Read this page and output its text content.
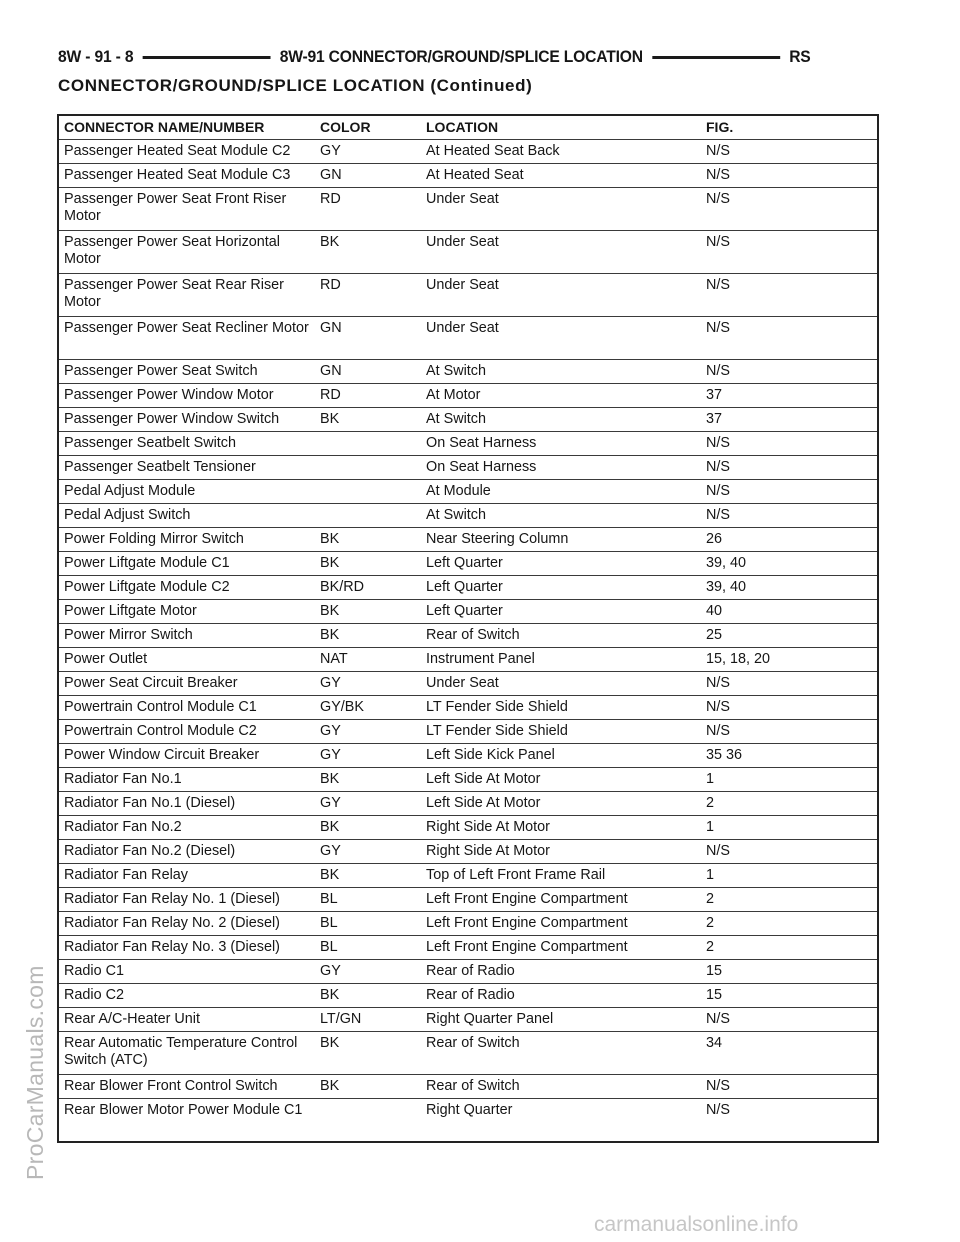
8W - 91 - 8	8W-91 CONNECTOR/GROUND/SPLICE LOCATION	RS
CONNECTOR/GROUND/SPLICE LOCATION (Continued)
CONNECTOR NAME/NUMBER	COLOR	LOCATION	FIG.
Passenger Heated Seat Module C2	GY	At Heated Seat Back	N/S
Passenger Heated Seat Module C3	GN	At Heated Seat	N/S
Passenger Power Seat Front Riser Motor	RD	Under Seat	N/S
Passenger Power Seat Horizontal Motor	BK	Under Seat	N/S
Passenger Power Seat Rear Riser Motor	RD	Under Seat	N/S
Passenger Power Seat Recliner Motor	GN	Under Seat	N/S
Passenger Power Seat Switch	GN	At Switch	N/S
Passenger Power Window Motor	RD	At Motor	37
Passenger Power Window Switch	BK	At Switch	37
Passenger Seatbelt Switch		On Seat Harness	N/S
Passenger Seatbelt Tensioner		On Seat Harness	N/S
Pedal Adjust Module		At Module	N/S
Pedal Adjust Switch		At Switch	N/S
Power Folding Mirror Switch	BK	Near Steering Column	26
Power Liftgate Module C1	BK	Left Quarter	39, 40
Power Liftgate Module C2	BK/RD	Left Quarter	39, 40
Power Liftgate Motor	BK	Left Quarter	40
Power Mirror Switch	BK	Rear of Switch	25
Power Outlet	NAT	Instrument Panel	15, 18, 20
Power Seat Circuit Breaker	GY	Under Seat	N/S
Powertrain Control Module C1	GY/BK	LT Fender Side Shield	N/S
Powertrain Control Module C2	GY	LT Fender Side Shield	N/S
Power Window Circuit Breaker	GY	Left Side Kick Panel	35 36
Radiator Fan No.1	BK	Left Side At Motor	1
Radiator Fan No.1 (Diesel)	GY	Left Side At Motor	2
Radiator Fan No.2	BK	Right Side At Motor	1
Radiator Fan No.2 (Diesel)	GY	Right Side At Motor	N/S
Radiator Fan Relay	BK	Top of Left Front Frame Rail	1
Radiator Fan Relay No. 1 (Diesel)	BL	Left Front Engine Compartment	2
Radiator Fan Relay No. 2 (Diesel)	BL	Left Front Engine Compartment	2
Radiator Fan Relay No. 3 (Diesel)	BL	Left Front Engine Compartment	2
Radio C1	GY	Rear of Radio	15
Radio C2	BK	Rear of Radio	15
Rear A/C-Heater Unit	LT/GN	Right Quarter Panel	N/S
Rear Automatic Temperature Control Switch (ATC)	BK	Rear of Switch	34
Rear Blower Front Control Switch	BK	Rear of Switch	N/S
Rear Blower Motor Power Module C1		Right Quarter	N/S
ProCarManuals.com
carmanualsonline.info
